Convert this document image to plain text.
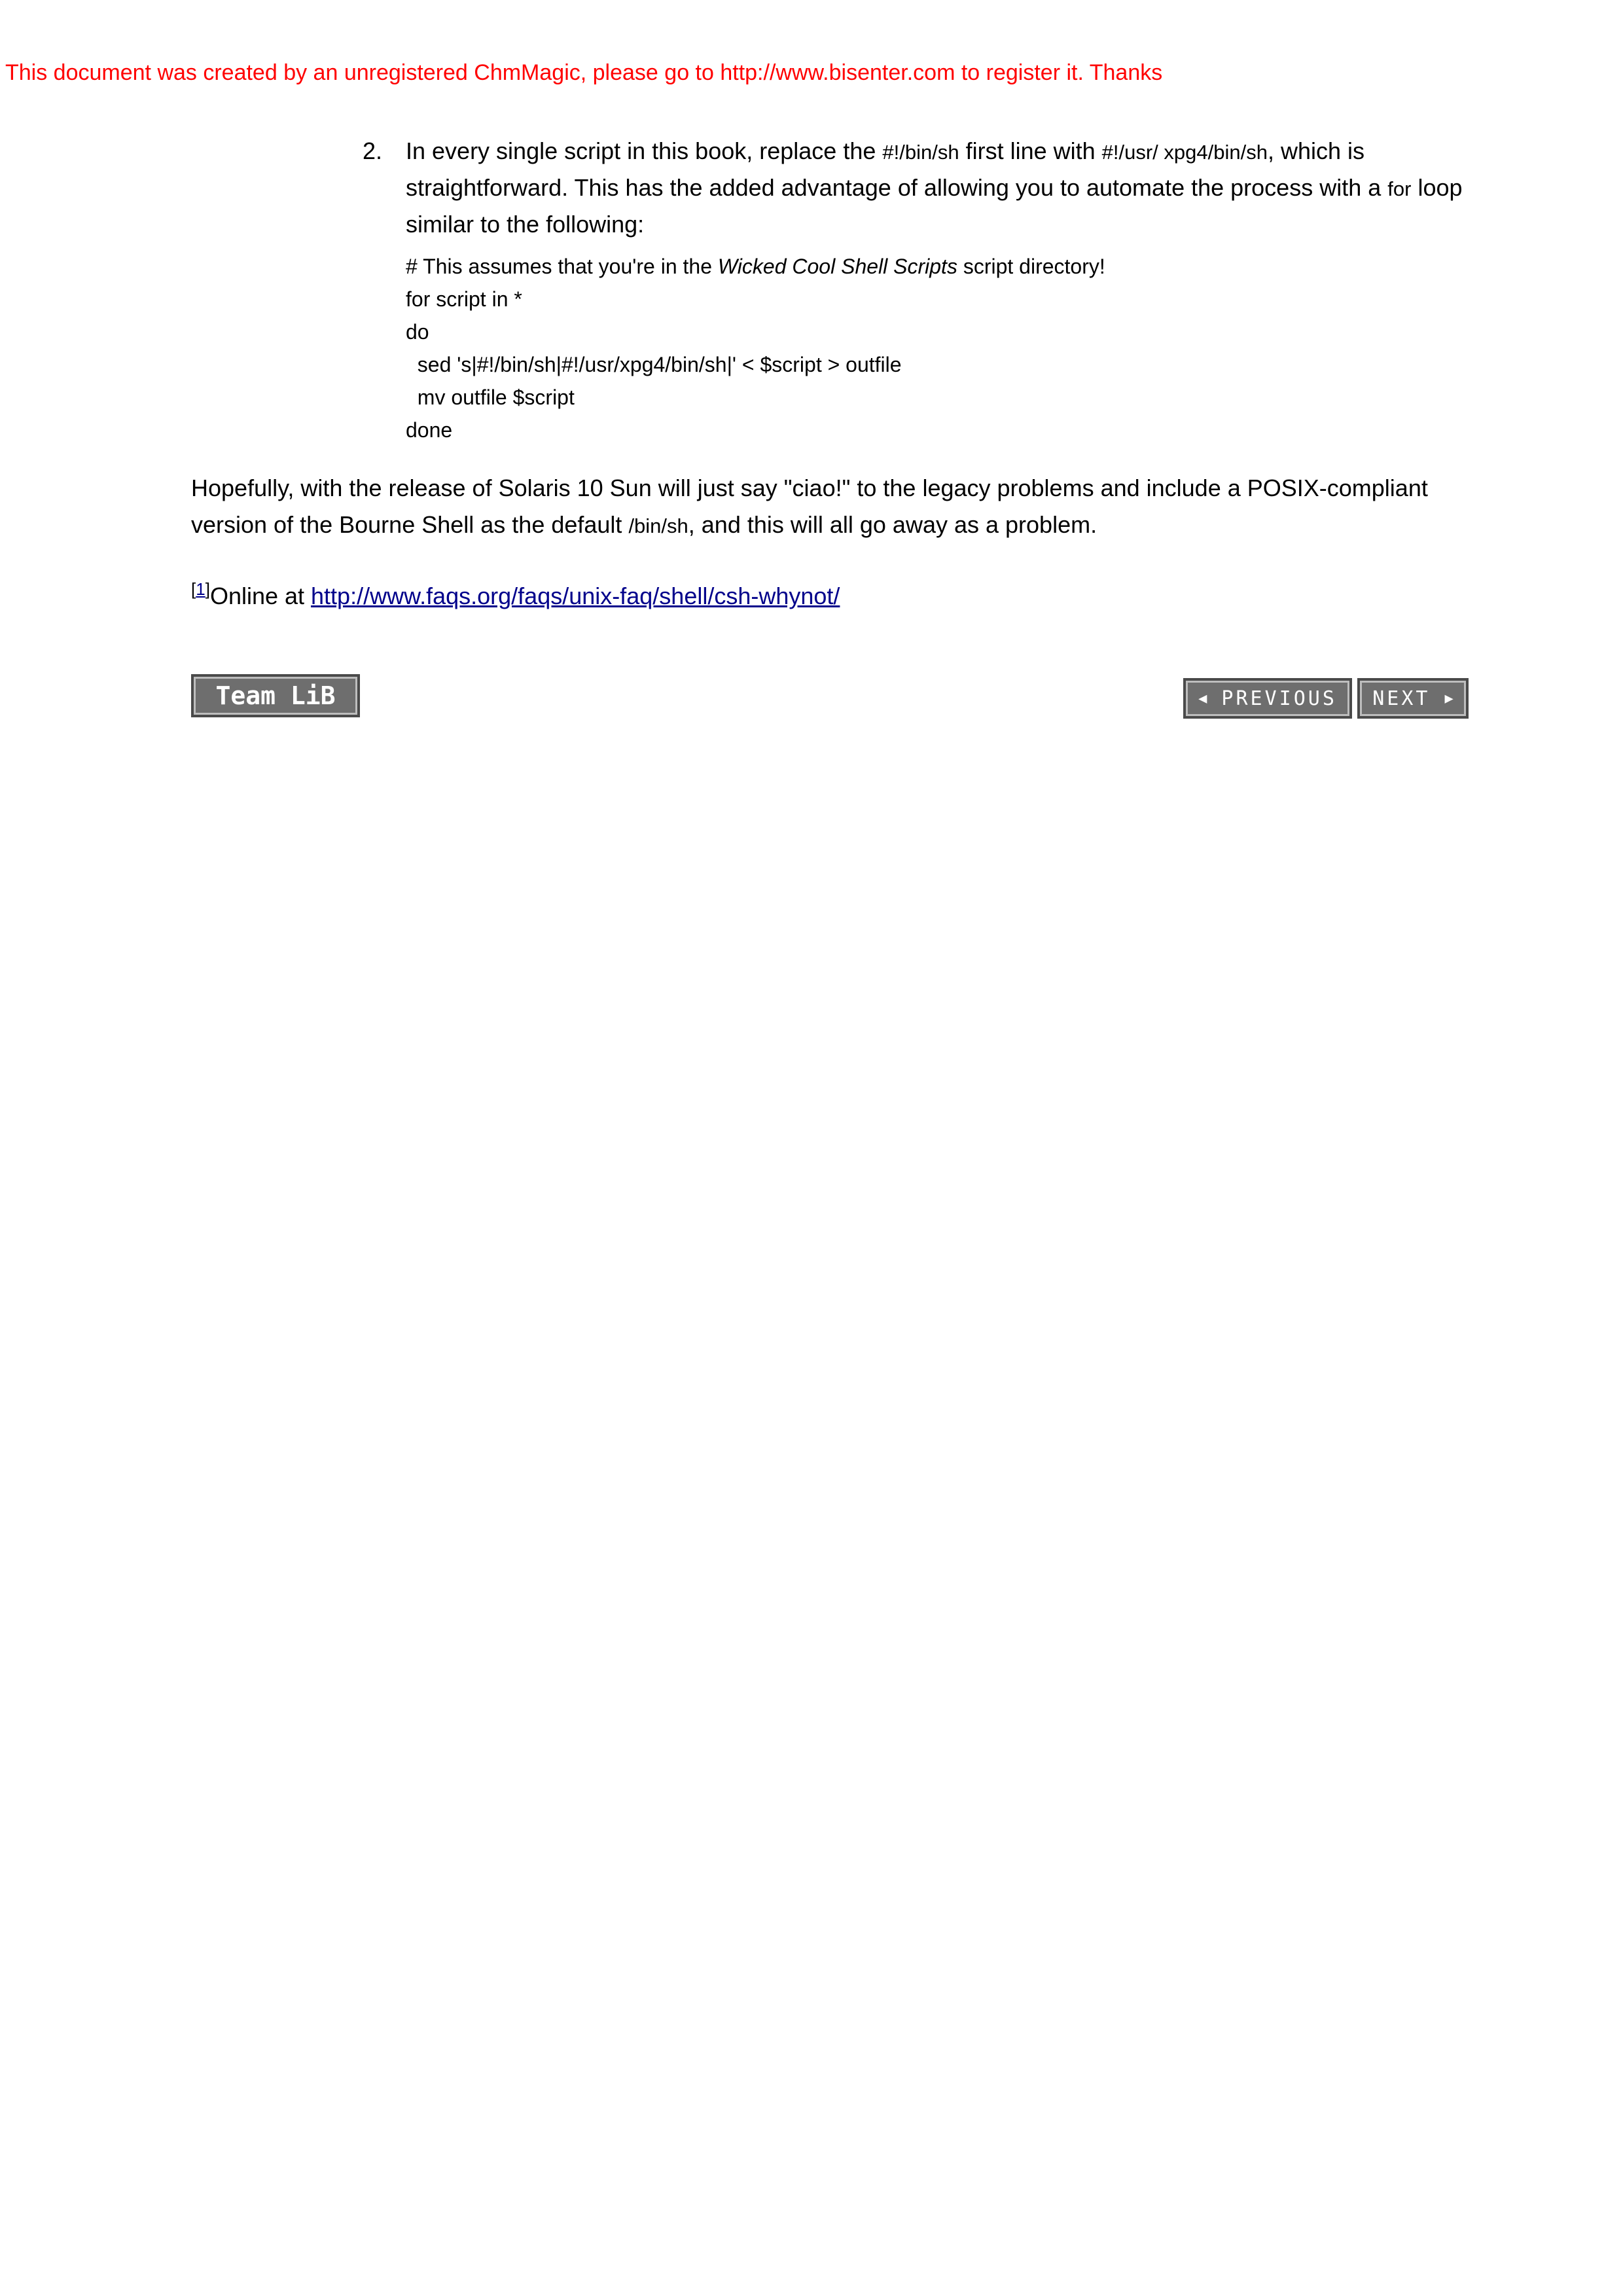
This document was created by an unregistered ChmMagic, please go to http://www.bisenter.com to register it. Thanks
2. In every single script in this book, replace the #!/bin/sh first line with #!/usr/ xpg4/bin/sh, which is straightforward. This has the added advantage of allowing you to automate the process with a for loop similar to the following:
# This assumes that you're in the Wicked Cool Shell Scripts script directory!
for script in *
do
sed 's|#!/bin/sh|#!/usr/xpg4/bin/sh|' < $script > outfile
mv outfile $script
done
Hopefully, with the release of Solaris 10 Sun will just say "ciao!" to the legacy problems and include a POSIX-compliant version of the Bourne Shell as the default /bin/sh, and this will all go away as a problem.
[1]Online at http://www.faqs.org/faqs/unix-faq/shell/csh-whynot/
Team LiB	◀
PREVIOUS NEXT
▶
